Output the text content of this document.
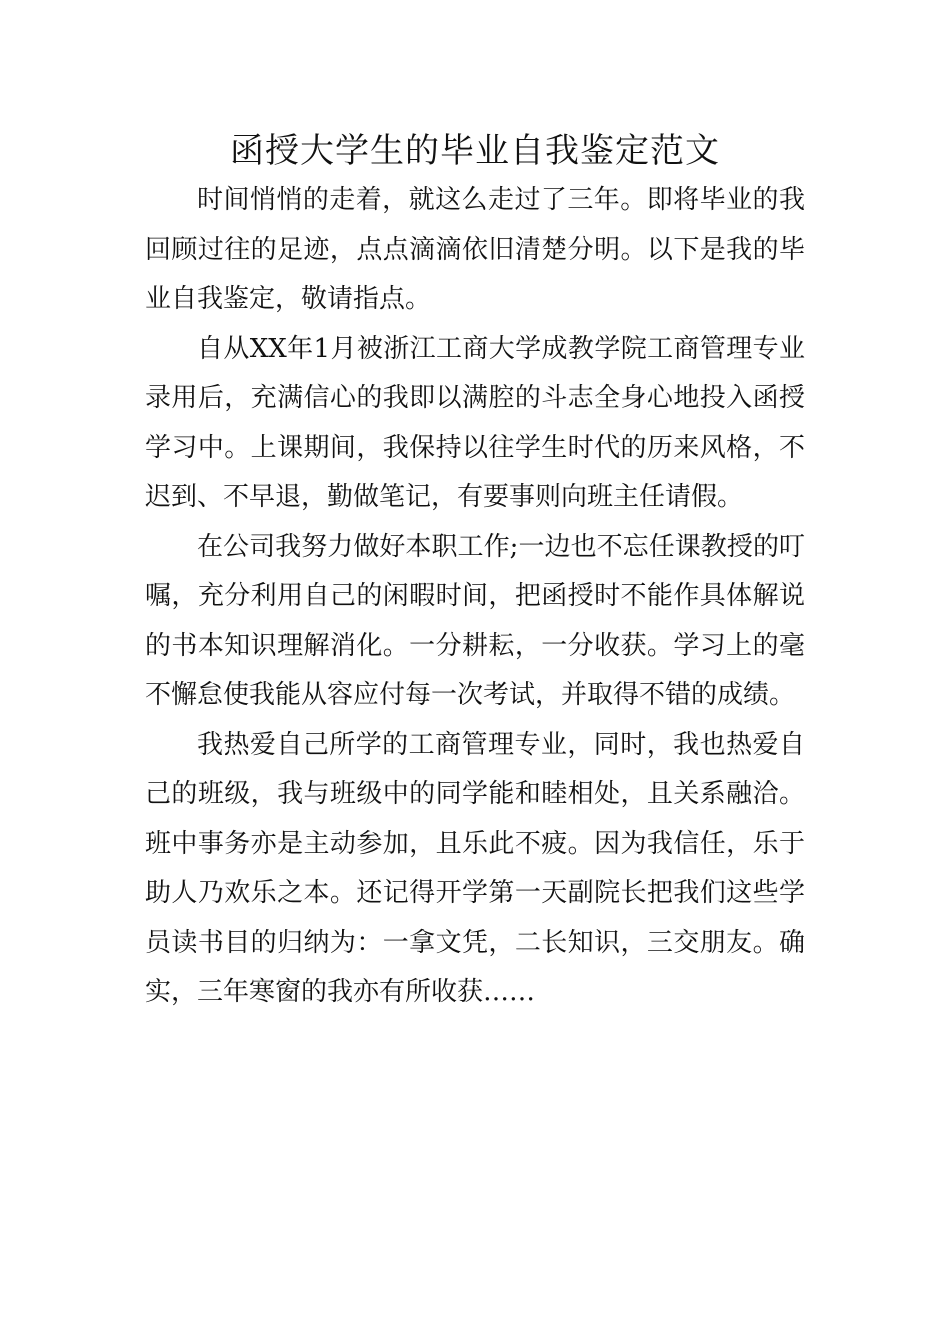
函授大学生的毕业自我鉴定范文

时间悄悄的走着，就这么走过了三年。即将毕业的我回顾过往的足迹，点点滴滴依旧清楚分明。以下是我的毕业自我鉴定，敬请指点。

自从XX年1月被浙江工商大学成教学院工商管理专业录用后，充满信心的我即以满腔的斗志全身心地投入函授学习中。上课期间，我保持以往学生时代的历来风格，不迟到、不早退，勤做笔记，有要事则向班主任请假。

在公司我努力做好本职工作;一边也不忘任课教授的叮嘱，充分利用自己的闲暇时间，把函授时不能作具体解说的书本知识理解消化。一分耕耘，一分收获。学习上的毫不懈怠使我能从容应付每一次考试，并取得不错的成绩。

我热爱自己所学的工商管理专业，同时，我也热爱自己的班级，我与班级中的同学能和睦相处，且关系融洽。班中事务亦是主动参加，且乐此不疲。因为我信任，乐于助人乃欢乐之本。还记得开学第一天副院长把我们这些学员读书目的归纳为：一拿文凭，二长知识，三交朋友。确实，三年寒窗的我亦有所收获……
